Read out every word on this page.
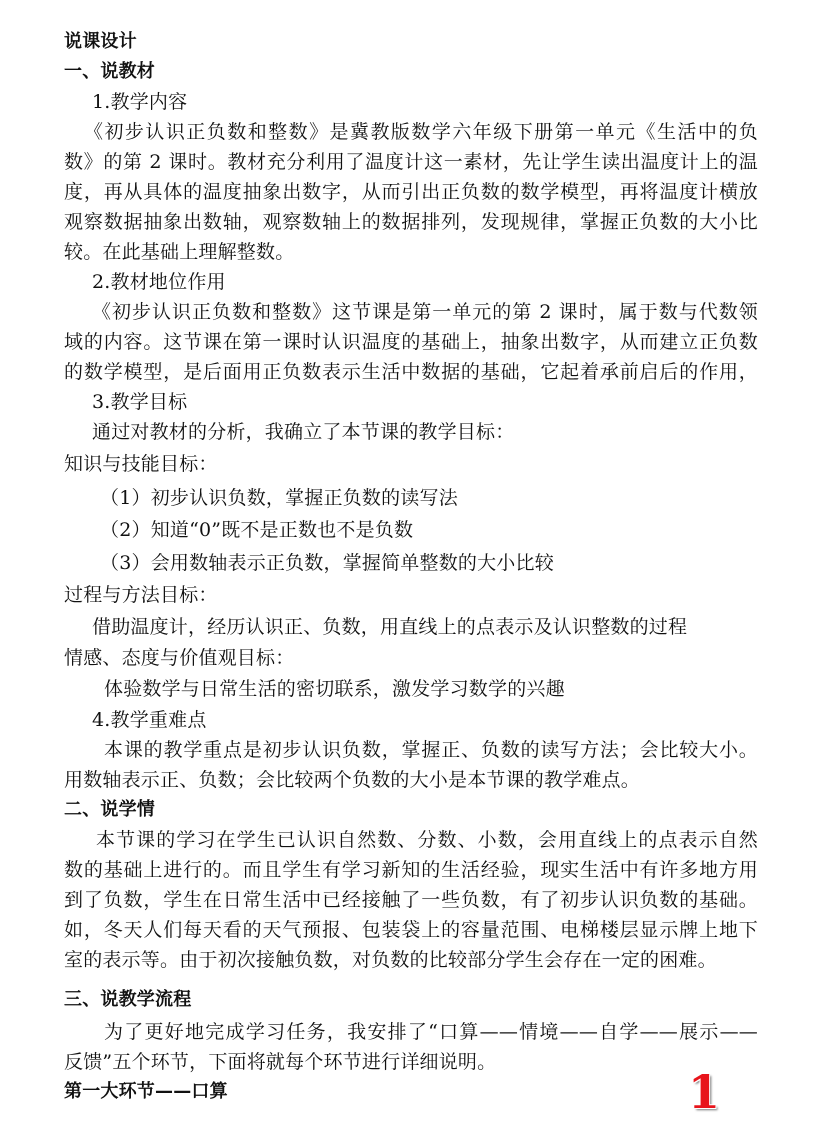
说课设计
一、说教材
1.教学内容
《初步认识正负数和整数》是冀教版数学六年级下册第一单元《生活中的负
数》的第 2 课时。教材充分利用了温度计这一素材，先让学生读出温度计上的温
度，再从具体的温度抽象出数字，从而引出正负数的数学模型，再将温度计横放
观察数据抽象出数轴，观察数轴上的数据排列，发现规律，掌握正负数的大小比
较。在此基础上理解整数。
2.教材地位作用
《初步认识正负数和整数》这节课是第一单元的第 2 课时，属于数与代数领
域的内容。这节课在第一课时认识温度的基础上，抽象出数字，从而建立正负数
的数学模型，是后面用正负数表示生活中数据的基础，它起着承前启后的作用，
3.教学目标
通过对教材的分析，我确立了本节课的教学目标：
知识与技能目标：
（1）初步认识负数，掌握正负数的读写法
（2）知道“0”既不是正数也不是负数
（3）会用数轴表示正负数，掌握简单整数的大小比较
过程与方法目标：
借助温度计，经历认识正、负数，用直线上的点表示及认识整数的过程
情感、态度与价值观目标：
体验数学与日常生活的密切联系，激发学习数学的兴趣
4.教学重难点
本课的教学重点是初步认识负数，掌握正、负数的读写方法；会比较大小。
用数轴表示正、负数；会比较两个负数的大小是本节课的教学难点。
二、说学情
本节课的学习在学生已认识自然数、分数、小数，会用直线上的点表示自然
数的基础上进行的。而且学生有学习新知的生活经验，现实生活中有许多地方用
到了负数，学生在日常生活中已经接触了一些负数，有了初步认识负数的基础。
如，冬天人们每天看的天气预报、包装袋上的容量范围、电梯楼层显示牌上地下
室的表示等。由于初次接触负数，对负数的比较部分学生会存在一定的困难。
三、说教学流程
为了更好地完成学习任务，我安排了“口算——情境——自学——展示——
反馈”五个环节，下面将就每个环节进行详细说明。
第一大环节——口算	1
